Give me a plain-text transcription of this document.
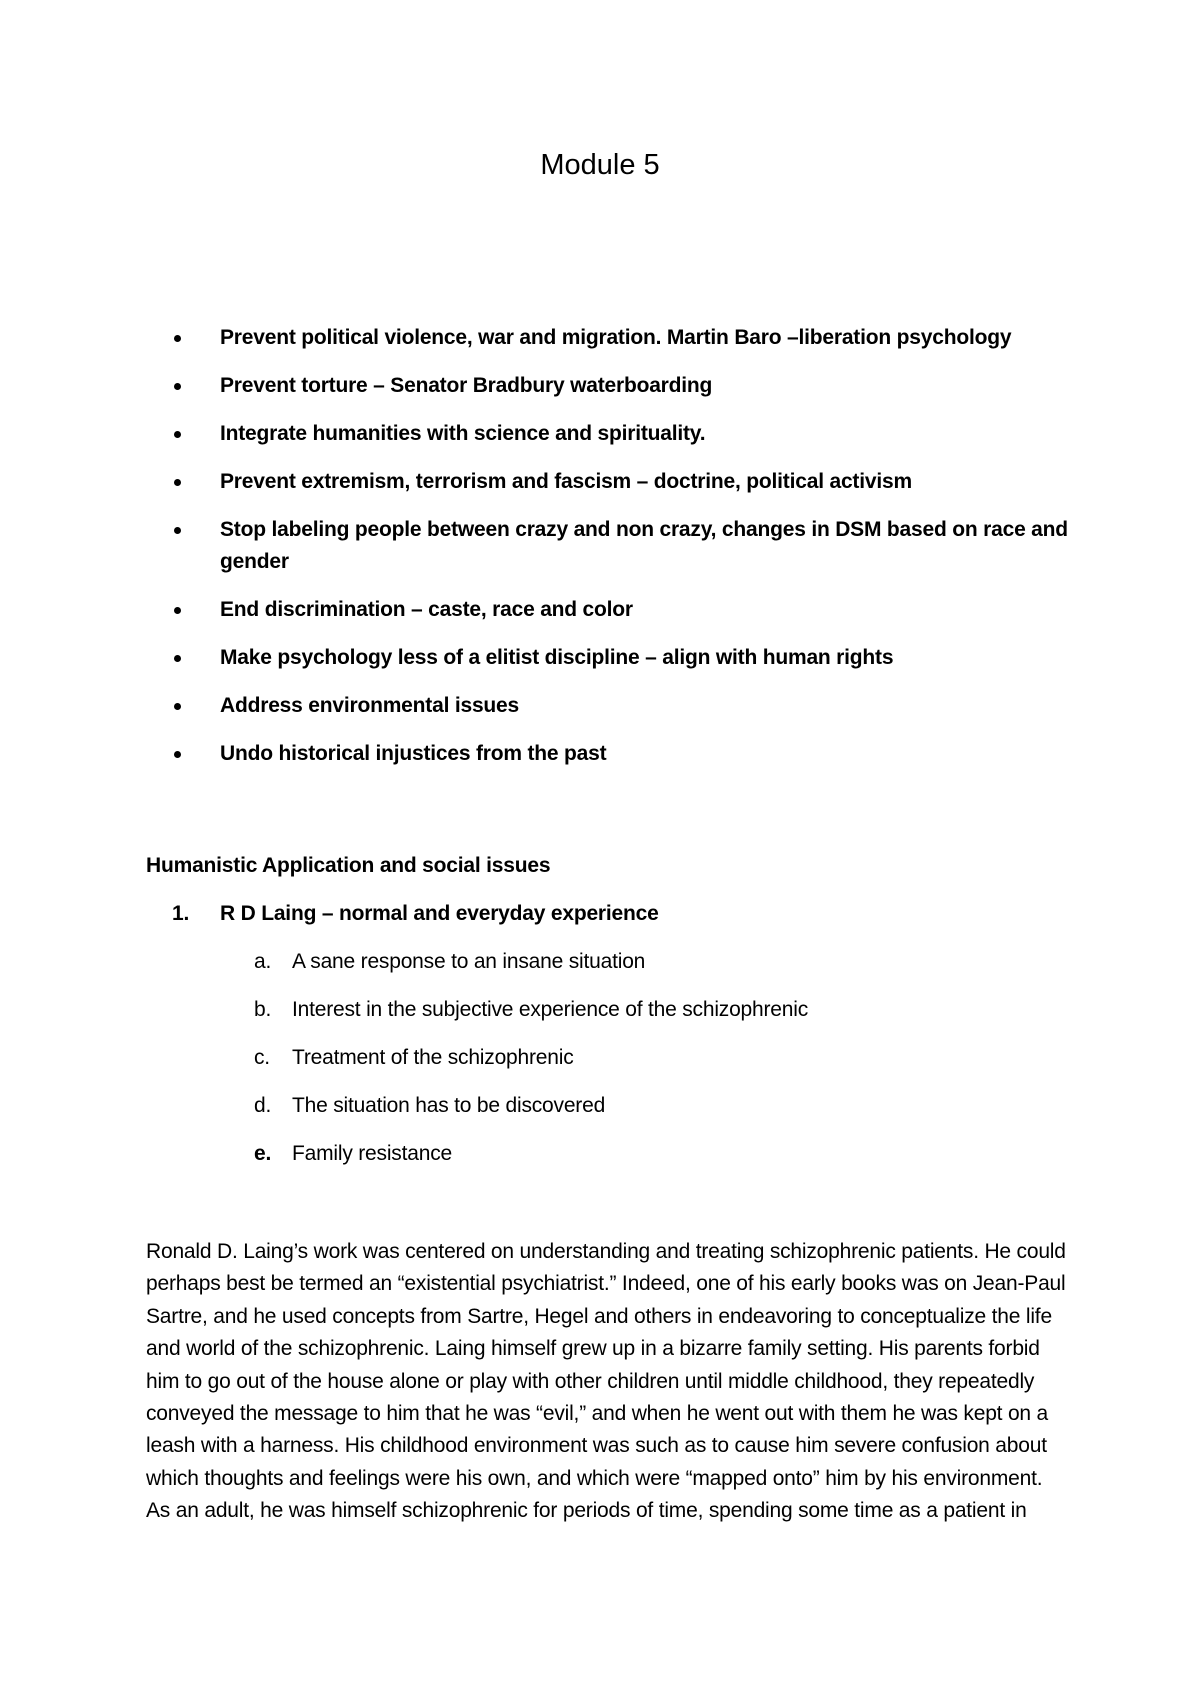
Module 5
Prevent political violence, war and migration. Martin Baro –liberation psychology
Prevent torture – Senator Bradbury waterboarding
Integrate humanities with science and spirituality.
Prevent extremism, terrorism and fascism – doctrine, political activism
Stop labeling people between crazy and non crazy, changes in DSM based on race and gender
End discrimination – caste, race and color
Make psychology less of a elitist discipline – align with human rights
Address environmental issues
Undo historical injustices from the past
Humanistic Application and social issues
1.	R D Laing – normal and everyday experience
a. A sane response to an insane situation
b. Interest in the subjective experience of the schizophrenic
c. Treatment of the schizophrenic
d. The situation has to be discovered
e. Family resistance

Ronald D. Laing’s work was centered on understanding and treating schizophrenic patients. He could perhaps best be termed an “existential psychiatrist.” Indeed, one of his early books was on Jean-Paul Sartre, and he used concepts from Sartre, Hegel and others in endeavoring to conceptualize the life and world of the schizophrenic. Laing himself grew up in a bizarre family setting. His parents forbid him to go out of the house alone or play with other children until middle childhood, they repeatedly conveyed the message to him that he was “evil,” and when he went out with them he was kept on a leash with a harness. His childhood environment was such as to cause him severe confusion about which thoughts and feelings were his own, and which were “mapped onto” him by his environment. As an adult, he was himself schizophrenic for periods of time, spending some time as a patient in
